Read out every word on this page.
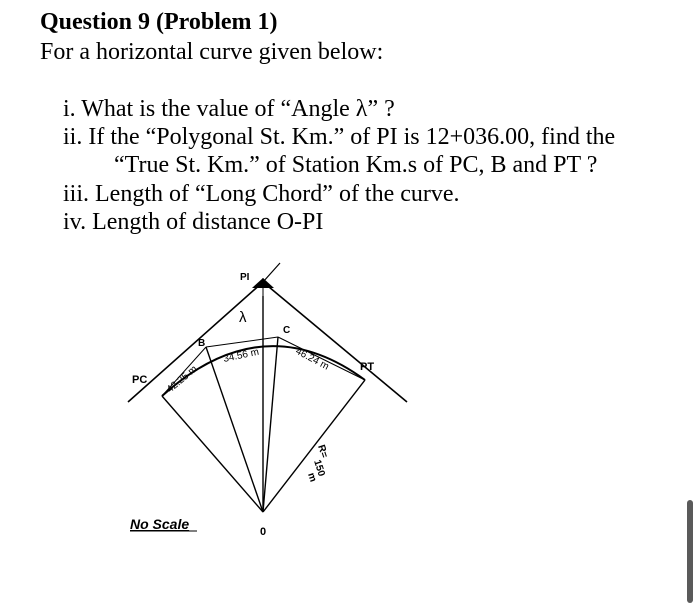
Question 9 (Problem 1)
For a horizontal curve given below:
i. What is the value of “Angle λ” ?
ii. If the “Polygonal St. Km.” of PI is 12+036.00, find the
“True St. Km.” of Station Km.s of PC, B and PT ?
iii. Length of “Long Chord” of the curve.
iv. Length of distance O-PI
PI
λ
PC
PT
B
C
0
42.25 m
34.56 m	46.24 m
R=
150
m
No Scale
